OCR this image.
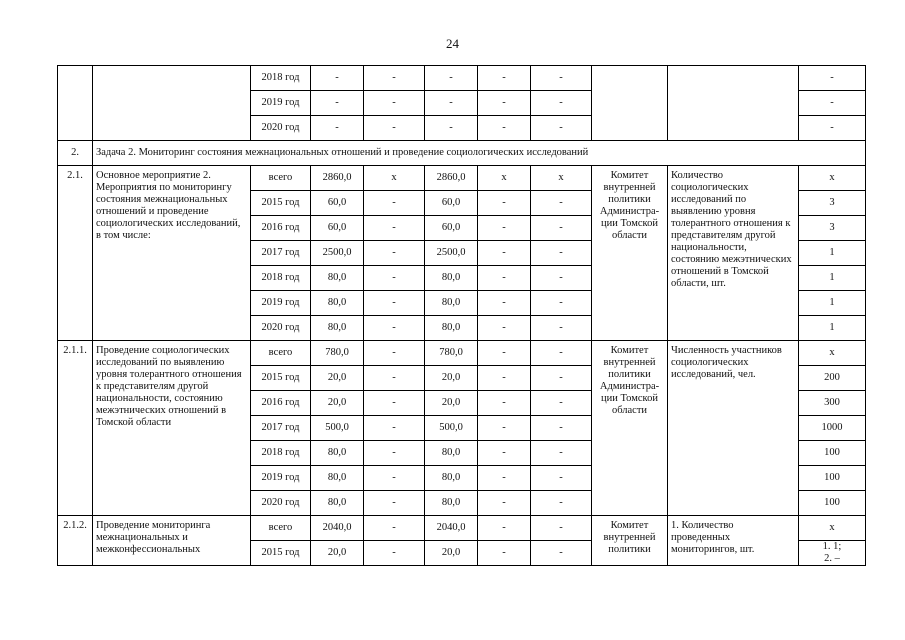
24
		2018 год	-	-	-	-	-			-
		2019 год	-	-	-	-	-			-
		2020 год	-	-	-	-	-			-
2.	Задача 2. Мониторинг состояния межнациональных отношений и проведение социологических исследований									
2.1.	Основное мероприятие 2. Мероприятия по мониторингу состояния межнациональных отношений и проведение социологических исследований, в том числе:	всего	2860,0	x	2860,0	x	x	Комитет внутренней политики Администра-ции Томской области	Количество социологических исследований по выявлению уровня толерантного отношения к представителям другой национальности, состоянию межэтнических отношений в Томской области, шт.	x
		2015 год	60,0	-	60,0	-	-			3
		2016 год	60,0	-	60,0	-	-			3
		2017 год	2500,0	-	2500,0	-	-			1
		2018 год	80,0	-	80,0	-	-			1
		2019 год	80,0	-	80,0	-	-			1
		2020 год	80,0	-	80,0	-	-			1
2.1.1.	Проведение социологических исследований по выявлению уровня толерантного отношения к представителям другой национальности, состоянию межэтнических отношений в Томской области	всего	780,0	-	780,0	-	-	Комитет внутренней политики Администра-ции Томской области	Численность участников социологических исследований, чел.	x
		2015 год	20,0	-	20,0	-	-			200
		2016 год	20,0	-	20,0	-	-			300
		2017 год	500,0	-	500,0	-	-			1000
		2018 год	80,0	-	80,0	-	-			100
		2019 год	80,0	-	80,0	-	-			100
		2020 год	80,0	-	80,0	-	-			100
2.1.2.	Проведение мониторинга межнациональных и межконфессиональных	всего	2040,0	-	2040,0	-	-	Комитет внутренней политики	1. Количество проведенных мониторингов, шт.	x
		2015 год	20,0	-	20,0	-	-			1. 1;
2. –
